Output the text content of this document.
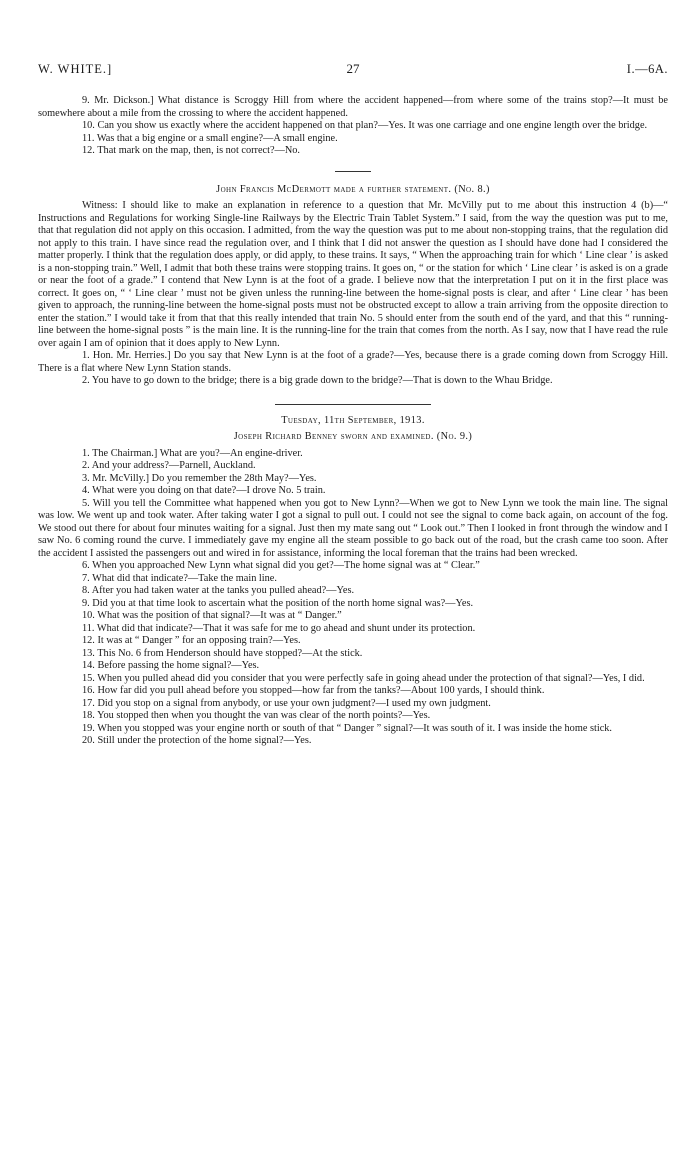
W. WHITE.]	27	I.—6A.

9. Mr. Dickson.] What distance is Scroggy Hill from where the accident happened—from where some of the trains stop?—It must be somewhere about a mile from the crossing to where the accident happened.

10. Can you show us exactly where the accident happened on that plan?—Yes. It was one carriage and one engine length over the bridge.

11. Was that a big engine or a small engine?—A small engine.

12. That mark on the map, then, is not correct?—No.

John Francis McDermott made a further statement. (No. 8.)

Witness: I should like to make an explanation in reference to a question that Mr. McVilly put to me about this instruction 4 (b)—“ Instructions and Regulations for working Single-line Railways by the Electric Train Tablet System.” I said, from the way the question was put to me, that that regulation did not apply on this occasion. I admitted, from the way the question was put to me about non-stopping trains, that the regulation did not apply to this train. I have since read the regulation over, and I think that I did not answer the question as I should have done had I considered the matter properly. I think that the regulation does apply, or did apply, to these trains. It says, “ When the approaching train for which ‘ Line clear ’ is asked is a non-stopping train.” Well, I admit that both these trains were stopping trains. It goes on, “ or the station for which ‘ Line clear ’ is asked is on a grade or near the foot of a grade.” I contend that New Lynn is at the foot of a grade. I believe now that the interpretation I put on it in the first place was correct. It goes on, “ ‘ Line clear ’ must not be given unless the running-line between the home-signal posts is clear, and after ‘ Line clear ’ has been given to approach, the running-line between the home-signal posts must not be obstructed except to allow a train arriving from the opposite direction to enter the station.” I would take it from that that this really intended that train No. 5 should enter from the south end of the yard, and that this “ running-line between the home-signal posts ” is the main line. It is the running-line for the train that comes from the north. As I say, now that I have read the rule over again I am of opinion that it does apply to New Lynn.

1. Hon. Mr. Herries.] Do you say that New Lynn is at the foot of a grade?—Yes, because there is a grade coming down from Scroggy Hill. There is a flat where New Lynn Station stands.

2. You have to go down to the bridge; there is a big grade down to the bridge?—That is down to the Whau Bridge.

Tuesday, 11th September, 1913.

Joseph Richard Benney sworn and examined. (No. 9.)

1. The Chairman.] What are you?—An engine-driver.

2. And your address?—Parnell, Auckland.

3. Mr. McVilly.] Do you remember the 28th May?—Yes.

4. What were you doing on that date?—I drove No. 5 train.

5. Will you tell the Committee what happened when you got to New Lynn?—When we got to New Lynn we took the main line. The signal was low. We went up and took water. After taking water I got a signal to pull out. I could not see the signal to come back again, on account of the fog. We stood out there for about four minutes waiting for a signal. Just then my mate sang out “ Look out.” Then I looked in front through the window and I saw No. 6 coming round the curve. I immediately gave my engine all the steam possible to go back out of the road, but the crash came too soon. After the accident I assisted the passengers out and wired in for assistance, informing the local foreman that the trains had been wrecked.

6. When you approached New Lynn what signal did you get?—The home signal was at “ Clear.”

7. What did that indicate?—Take the main line.

8. After you had taken water at the tanks you pulled ahead?—Yes.

9. Did you at that time look to ascertain what the position of the north home signal was?—Yes.

10. What was the position of that signal?—It was at “ Danger.”

11. What did that indicate?—That it was safe for me to go ahead and shunt under its protection.

12. It was at “ Danger ” for an opposing train?—Yes.

13. This No. 6 from Henderson should have stopped?—At the stick.

14. Before passing the home signal?—Yes.

15. When you pulled ahead did you consider that you were perfectly safe in going ahead under the protection of that signal?—Yes, I did.

16. How far did you pull ahead before you stopped—how far from the tanks?—About 100 yards, I should think.

17. Did you stop on a signal from anybody, or use your own judgment?—I used my own judgment.

18. You stopped then when you thought the van was clear of the north points?—Yes.

19. When you stopped was your engine north or south of that “ Danger ” signal?—It was south of it. I was inside the home stick.

20. Still under the protection of the home signal?—Yes.
